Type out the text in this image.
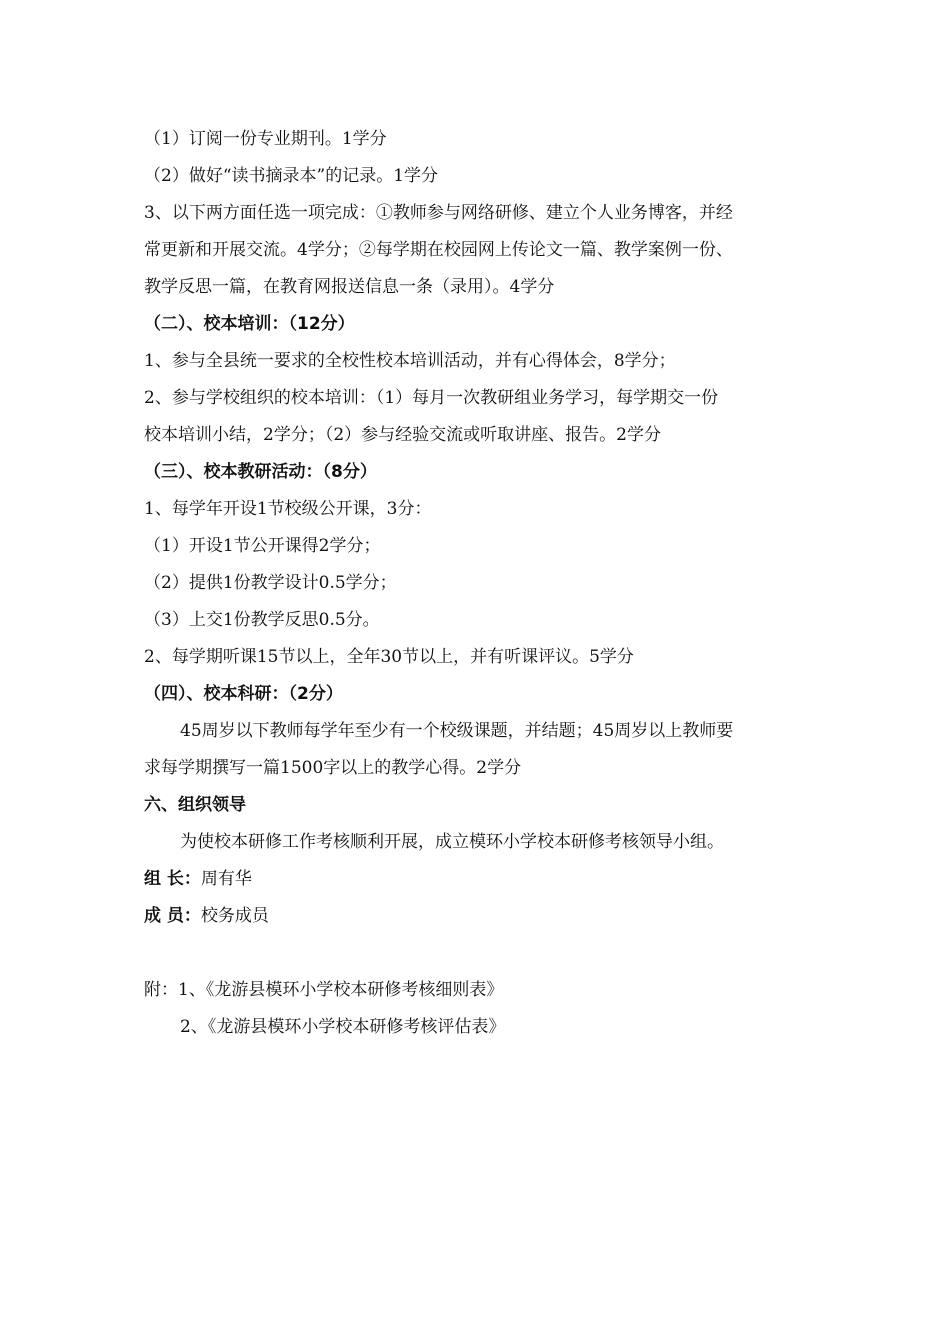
（1）订阅一份专业期刊。1学分
（2）做好“读书摘录本”的记录。1学分
3、以下两方面任选一项完成：①教师参与网络研修、建立个人业务博客，并经
常更新和开展交流。4学分；②每学期在校园网上传论文一篇、教学案例一份、
教学反思一篇，在教育网报送信息一条（录用）。4学分
（二）、校本培训：（12分）
1、参与全县统一要求的全校性校本培训活动，并有心得体会，8学分；
2、参与学校组织的校本培训：（1）每月一次教研组业务学习，每学期交一份
校本培训小结，2学分；（2）参与经验交流或听取讲座、报告。2学分
（三）、校本教研活动：（8分）
1、每学年开设1节校级公开课，3分：
（1）开设1节公开课得2学分；
（2）提供1份教学设计0.5学分；
（3）上交1份教学反思0.5分。
2、每学期听课15节以上，全年30节以上，并有听课评议。5学分
（四）、校本科研：（2分）
45周岁以下教师每学年至少有一个校级课题，并结题；45周岁以上教师要
求每学期撰写一篇1500字以上的教学心得。2学分
六、组织领导
为使校本研修工作考核顺利开展，成立模环小学校本研修考核领导小组。
组 长：周有华
成 员：校务成员
附：1、《龙游县模环小学校本研修考核细则表》
2、《龙游县模环小学校本研修考核评估表》
